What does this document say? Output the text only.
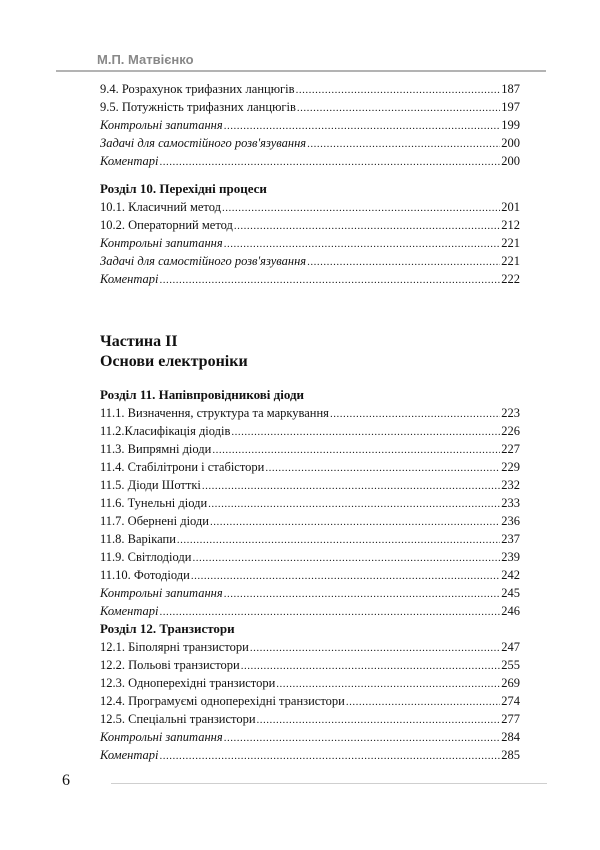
М.П. Матвієнко
9.4. Розрахунок трифазних ланцюгів .....	187
9.5. Потужність трифазних ланцюгів .....	197
Контрольні запитання .....	199
Задачі для самостійного розв'язування .....	200
Коментарі .....	200
Розділ 10. Перехідні процеси
10.1. Класичний метод .....	201
10.2. Операторний метод .....	212
Контрольні запитання .....	221
Задачі для самостійного розв'язування .....	221
Коментарі .....	222
Частина II
Основи електроніки
Розділ 11. Напівпровідникові діоди
11.1. Визначення, структура та маркування .....	223
11.2.Класифікація діодів .....	226
11.3. Випрямні діоди .....	227
11.4. Стабілітрони і стабістори .....	229
11.5. Діоди Шотткі .....	232
11.6. Тунельні діоди .....	233
11.7. Обернені діоди .....	236
11.8. Варікапи .....	237
11.9. Світлодіоди .....	239
11.10. Фотодіоди .....	242
Контрольні запитання .....	245
Коментарі .....	246
Розділ 12. Транзистори
12.1. Біполярні транзистори .....	247
12.2. Польові транзистори .....	255
12.3. Одноперехідні транзистори .....	269
12.4. Програмуємі одноперехідні транзистори .....	274
12.5. Спеціальні транзистори .....	277
Контрольні запитання .....	284
Коментарі .....	285
6
